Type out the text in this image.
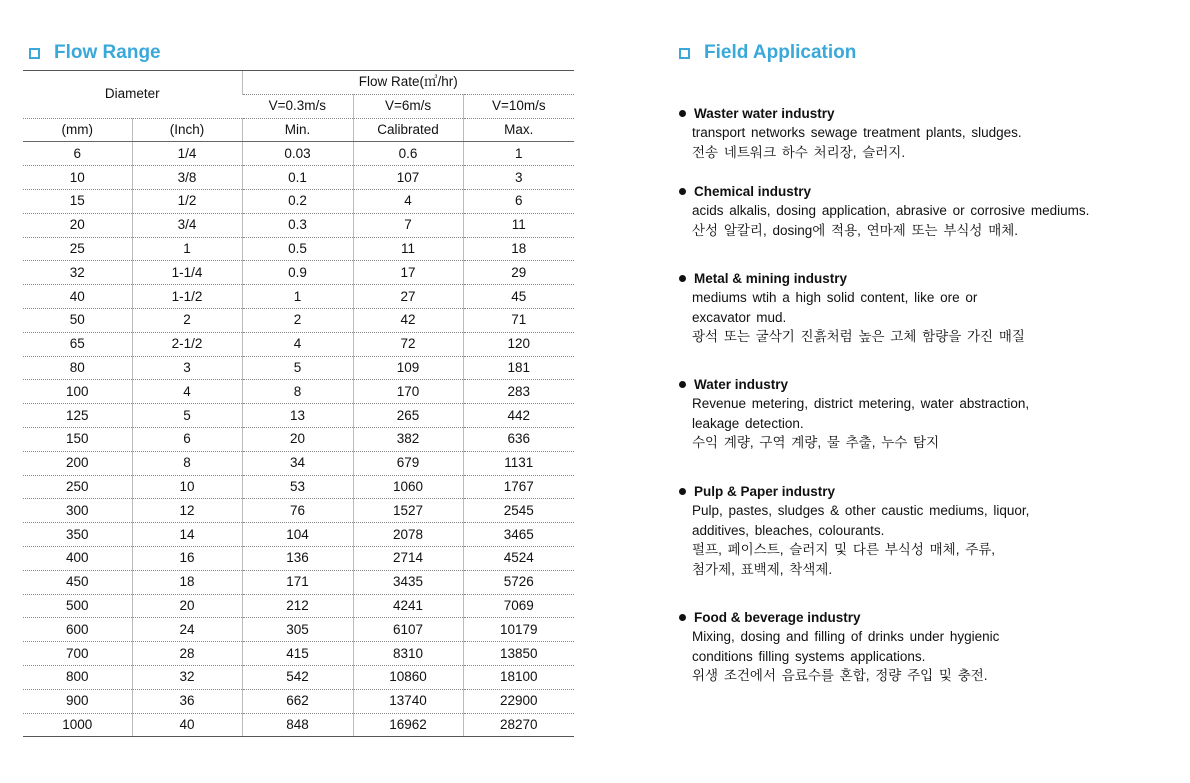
Flow Range
Diameter		Flow Rate(㎥/hr)		
		V=0.3m/s	V=6m/s	V=10m/s
(mm)	(Inch)	Min.	Calibrated	Max.
6	1/4	0.03	0.6	1
10	3/8	0.1	107	3
15	1/2	0.2	4	6
20	3/4	0.3	7	11
25	1	0.5	11	18
32	1-1/4	0.9	17	29
40	1-1/2	1	27	45
50	2	2	42	71
65	2-1/2	4	72	120
80	3	5	109	181
100	4	8	170	283
125	5	13	265	442
150	6	20	382	636
200	8	34	679	1131
250	10	53	1060	1767
300	12	76	1527	2545
350	14	104	2078	3465
400	16	136	2714	4524
450	18	171	3435	5726
500	20	212	4241	7069
600	24	305	6107	10179
700	28	415	8310	13850
800	32	542	10860	18100
900	36	662	13740	22900
1000	40	848	16962	28270
Field Application
Waster water industry
transport networks sewage treatment plants, sludges.
전송 네트워크 하수 처리장, 슬러지.
Chemical industry
acids alkalis, dosing application, abrasive or corrosive mediums.
산성 알칼리, dosing에 적용, 연마제 또는 부식성 매체.
Metal & mining industry
mediums wtih a high solid content, like ore or
excavator mud.
광석 또는 굴삭기 진흙처럼 높은 고체 함량을 가진 매질
Water industry
Revenue metering, district metering, water abstraction,
leakage detection.
수익 계량, 구역 계량, 물 추출, 누수 탐지
Pulp & Paper industry
Pulp, pastes, sludges & other caustic mediums, liquor,
additives, bleaches, colourants.
펄프, 페이스트, 슬러지 및 다른 부식성 매체, 주류,
첨가제, 표백제, 착색제.
Food & beverage industry
Mixing, dosing and filling of drinks under hygienic
conditions filling systems applications.
위생 조건에서 음료수를 혼합, 정량 주입 및 충전.
